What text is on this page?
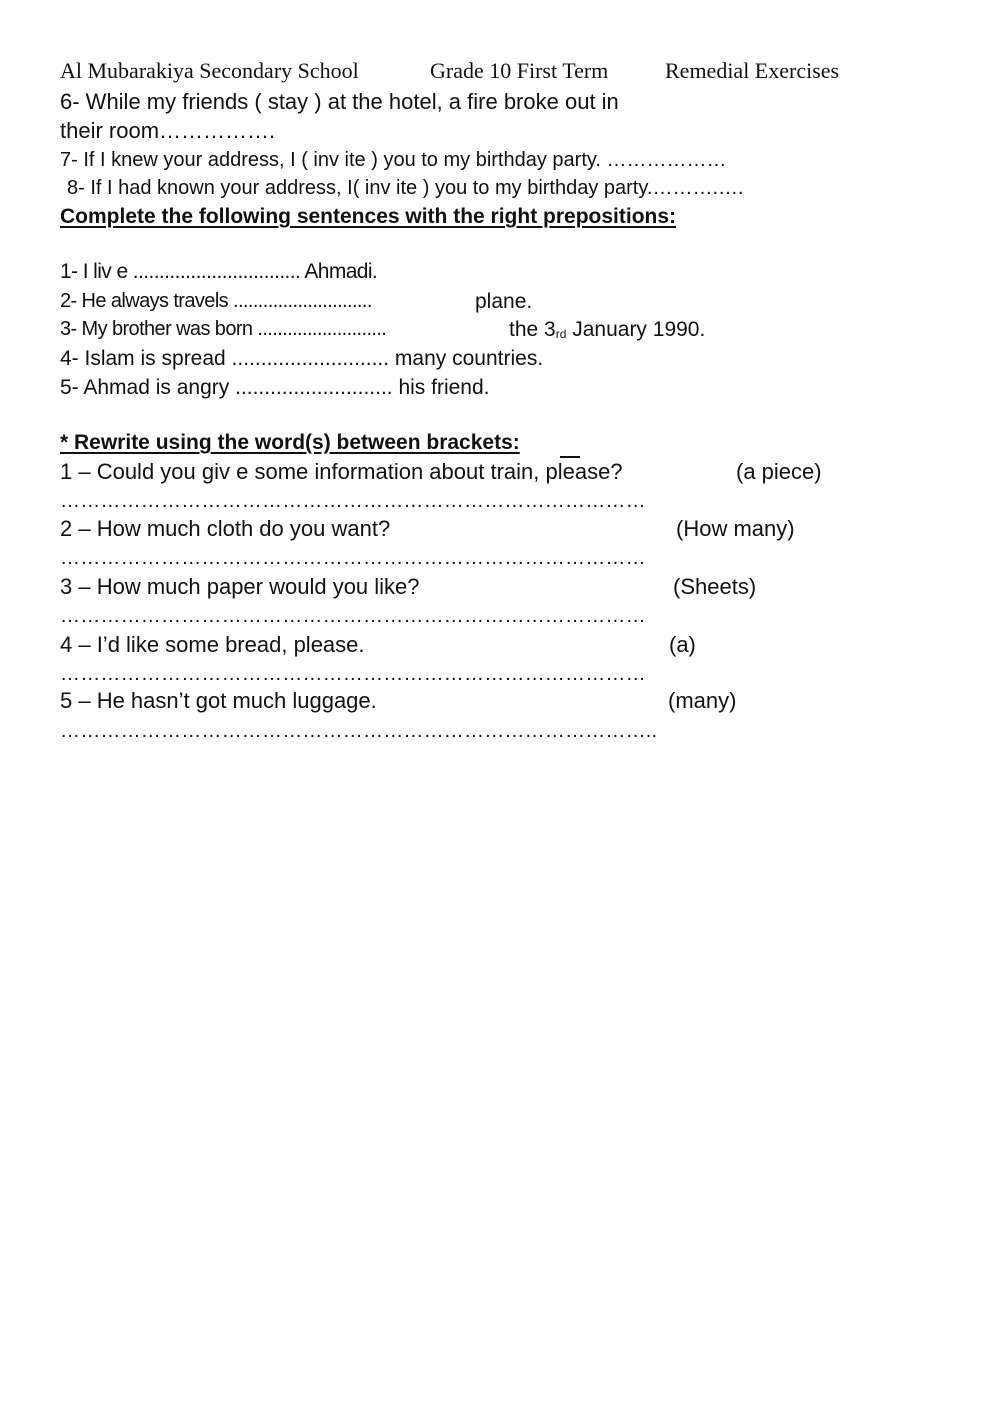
Al Mubarakiya Secondary School	Grade 10 First Term	Remedial Exercises
6- While my friends ( stay ) at the hotel, a fire broke out in
their room…………….
7- If I knew your address, I ( inv ite ) you to my birthday party. ………………
8- If I had known your address, I( inv ite ) you to my birthday party.……….….
Complete the following sentences with the right prepositions:
1- I liv e ................................ Ahmadi.
2- He always travels ............................	plane.
3- My brother was born ..........................	the $3_{rd}$ January 1990.
4- Islam is spread ........................... many countries.
5- Ahmad is angry ........................... his friend.
* Rewrite using the word(s) between brackets:
1 – Could you giv e some information about train, please?	(a piece)
……………………………………………………………………………
2 – How much cloth do you want?	(How many)
……………………………………………………………………………
3 – How much paper would you like?	(Sheets)
……………………………………………………………………………
4 – I’d like some bread, please.	(a)
……………………………………………………………………………
5 – He hasn’t got much luggage.	(many)
……………………………………………………………………………..
